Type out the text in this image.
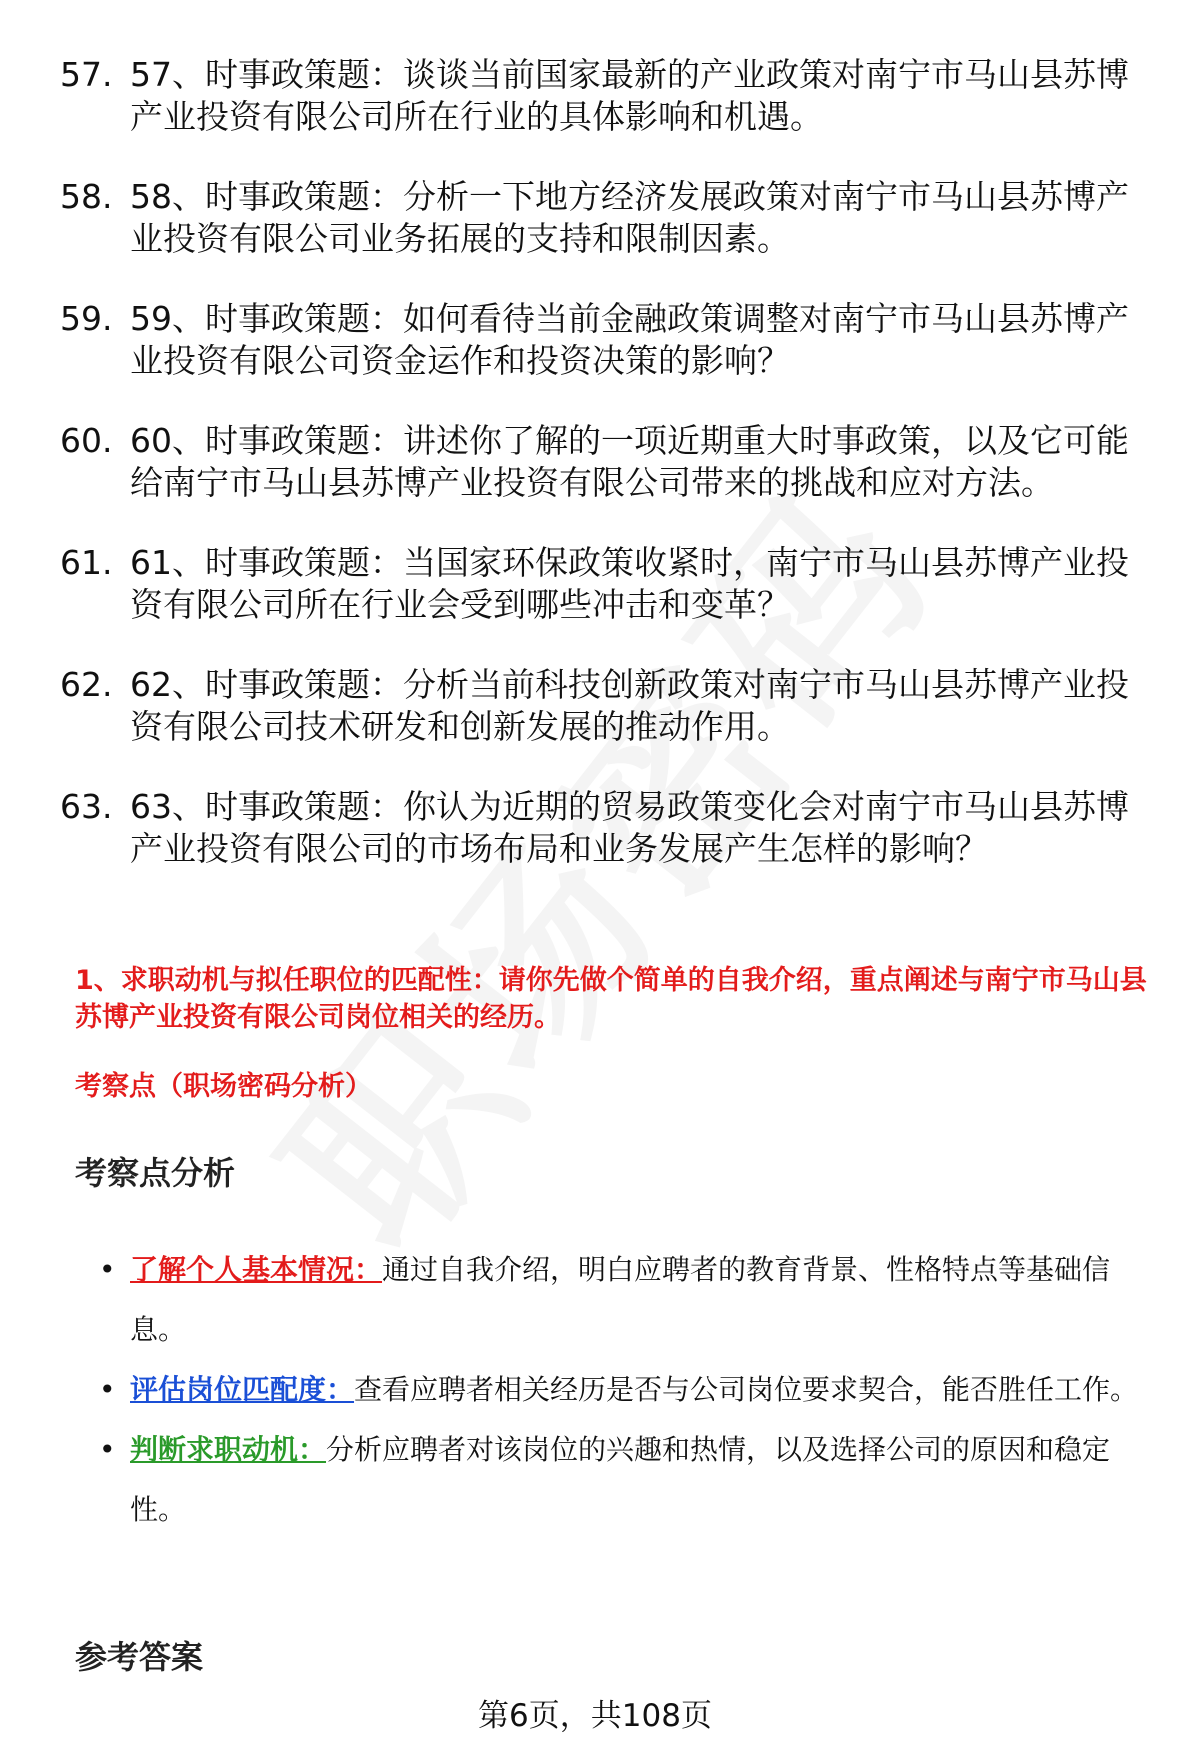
57. 57、时事政策题：谈谈当前国家最新的产业政策对南宁市马山县苏博产业投资有限公司所在行业的具体影响和机遇。
58. 58、时事政策题：分析一下地方经济发展政策对南宁市马山县苏博产业投资有限公司业务拓展的支持和限制因素。
59. 59、时事政策题：如何看待当前金融政策调整对南宁市马山县苏博产业投资有限公司资金运作和投资决策的影响？
60. 60、时事政策题：讲述你了解的一项近期重大时事政策，以及它可能给南宁市马山县苏博产业投资有限公司带来的挑战和应对方法。
61. 61、时事政策题：当国家环保政策收紧时，南宁市马山县苏博产业投资有限公司所在行业会受到哪些冲击和变革？
62. 62、时事政策题：分析当前科技创新政策对南宁市马山县苏博产业投资有限公司技术研发和创新发展的推动作用。
63. 63、时事政策题：你认为近期的贸易政策变化会对南宁市马山县苏博产业投资有限公司的市场布局和业务发展产生怎样的影响？
1、求职动机与拟任职位的匹配性：请你先做个简单的自我介绍，重点阐述与南宁市马山县苏博产业投资有限公司岗位相关的经历。
考察点（职场密码分析）
考察点分析
• 了解个人基本情况：通过自我介绍，明白应聘者的教育背景、性格特点等基础信息。
• 评估岗位匹配度：查看应聘者相关经历是否与公司岗位要求契合，能否胜任工作。
• 判断求职动机：分析应聘者对该岗位的兴趣和热情，以及选择公司的原因和稳定性。
参考答案
第6页，共108页
